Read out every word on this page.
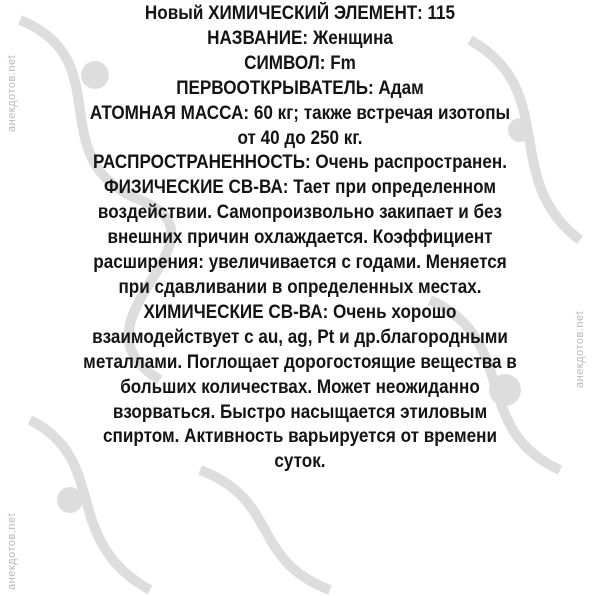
анекдотов.net
анекдотов.net
анекдотов.net
Новый ХИМИЧЕСКИЙ ЭЛЕМЕНТ: 115
НАЗВАНИЕ: Женщина
СИМВОЛ: Fm
ПЕРВООТКРЫВАТЕЛЬ: Адам
АТОМНАЯ МАССА: 60 кг; также встречая изотопы
от 40 до 250 кг.
РАСПРОСТРАНЕННОСТЬ: Очень распространен.
ФИЗИЧЕСКИЕ СВ-ВА: Тает при определенном
воздействии. Самопроизвольно закипает и без
внешних причин охлаждается. Коэффициент
расширения: увеличивается с годами. Меняется
при сдавливании в определенных местах.
ХИМИЧЕСКИЕ СВ-ВА: Очень хорошо
взаимодействует с au, ag, Pt и др.благородными
металлами. Поглощает дорогостоящие вещества в
больших количествах. Может неожиданно
взорваться. Быстро насыщается этиловым
спиртом. Активность варьируется от времени
суток.
